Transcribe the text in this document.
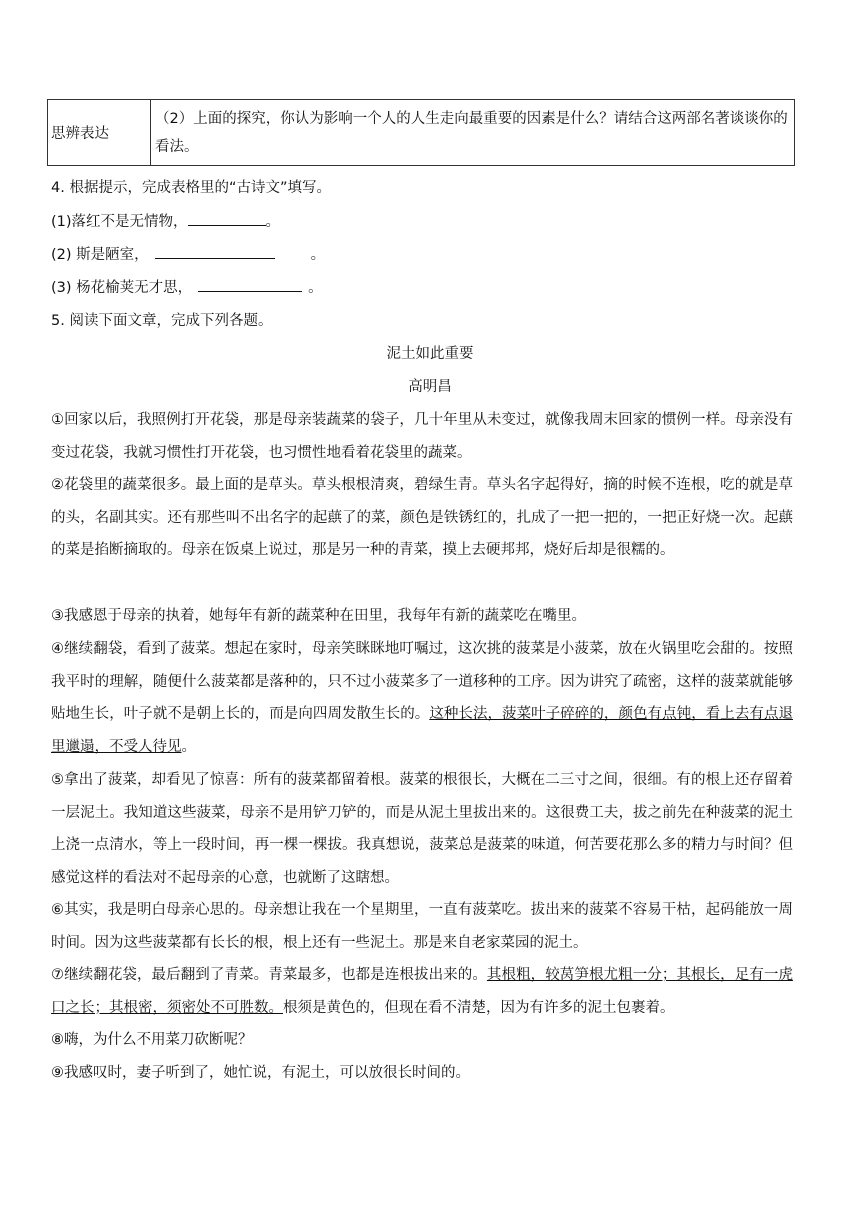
思辨表达	（2）上面的探究，你认为影响一个人的人生走向最重要的因素是什么？请结合这两部名著谈谈你的看法。
4. 根据提示，完成表格里的“古诗文”填写。
(1)落红不是无情物，	。
(2) 斯是陋室，	。
(3) 杨花榆荚无才思，	。
5. 阅读下面文章，完成下列各题。
泥土如此重要
高明昌
①回家以后，我照例打开花袋，那是母亲装蔬菜的袋子，几十年里从未变过，就像我周末回家的惯例一样。母亲没有变过花袋，我就习惯性打开花袋，也习惯性地看着花袋里的蔬菜。
②花袋里的蔬菜很多。最上面的是草头。草头根根清爽，碧绿生青。草头名字起得好，摘的时候不连根，吃的就是草的头，名副其实。还有那些叫不出名字的起蕻了的菜，颜色是铁锈红的，扎成了一把一把的，一把正好烧一次。起蕻的菜是掐断摘取的。母亲在饭桌上说过，那是另一种的青菜，摸上去硬邦邦，烧好后却是很糯的。
③我感恩于母亲的执着，她每年有新的蔬菜种在田里，我每年有新的蔬菜吃在嘴里。
④继续翻袋，看到了菠菜。想起在家时，母亲笑眯眯地叮嘱过，这次挑的菠菜是小菠菜，放在火锅里吃会甜的。按照我平时的理解，随便什么菠菜都是落种的，只不过小菠菜多了一道移种的工序。因为讲究了疏密，这样的菠菜就能够贴地生长，叶子就不是朝上长的，而是向四周发散生长的。这种长法，菠菜叶子碎碎的，颜色有点钝，看上去有点退里邋遢，不受人待见。
⑤拿出了菠菜，却看见了惊喜：所有的菠菜都留着根。菠菜的根很长，大概在二三寸之间，很细。有的根上还存留着一层泥土。我知道这些菠菜，母亲不是用铲刀铲的，而是从泥土里拔出来的。这很费工夫，拔之前先在种菠菜的泥土上浇一点清水，等上一段时间，再一棵一棵拔。我真想说，菠菜总是菠菜的味道，何苦要花那么多的精力与时间？但感觉这样的看法对不起母亲的心意，也就断了这瞎想。
⑥其实，我是明白母亲心思的。母亲想让我在一个星期里，一直有菠菜吃。拔出来的菠菜不容易干枯，起码能放一周时间。因为这些菠菜都有长长的根，根上还有一些泥土。那是来自老家菜园的泥土。
⑦继续翻花袋，最后翻到了青菜。青菜最多，也都是连根拔出来的。其根粗，较莴笋根尤粗一分；其根长，足有一虎口之长；其根密，须密处不可胜数。根须是黄色的，但现在看不清楚，因为有许多的泥土包裹着。
⑧嗨，为什么不用菜刀砍断呢？
⑨我感叹时，妻子听到了，她忙说，有泥土，可以放很长时间的。
